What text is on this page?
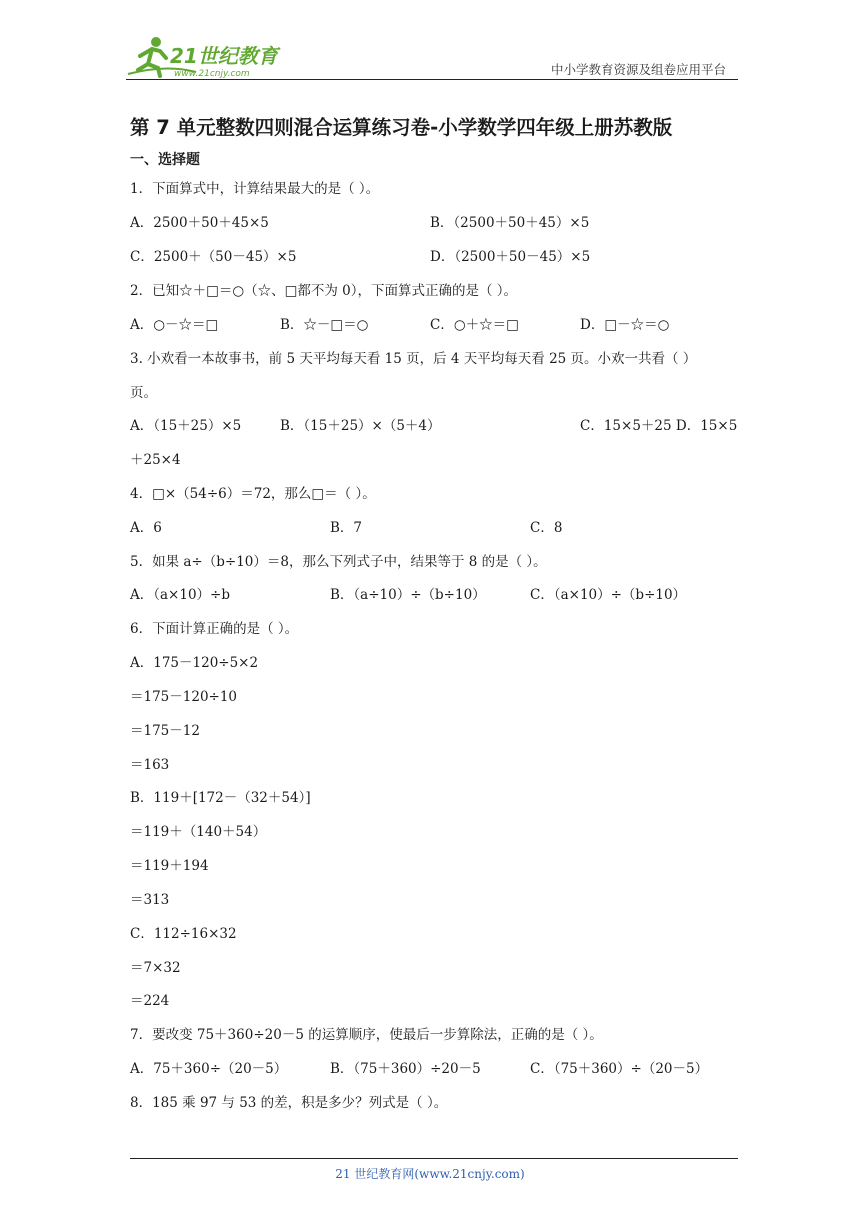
21世纪教育
www.21cnjy.com	中小学教育资源及组卷应用平台
第 7 单元整数四则混合运算练习卷-小学数学四年级上册苏教版
一、选择题
1．下面算式中，计算结果最大的是（ ）。
A．2500＋50＋45×5	B．（2500＋50＋45）×5
C．2500＋（50－45）×5	D．（2500＋50－45）×5
2．已知☆＋□＝○（☆、□都不为 0），下面算式正确的是（ ）。
A．○－☆＝□	B．☆－□＝○	C．○＋☆＝□	D．□－☆＝○
3. 小欢看一本故事书，前 5 天平均每天看 15 页，后 4 天平均每天看 25 页。小欢一共看（ ）
页。
A．（15＋25）×5	B．（15＋25）×（5＋4）	C．15×5＋25 D．15×5
＋25×4
4．□×（54÷6）＝72，那么□＝（ ）。
A．6	B．7	C．8
5．如果 a÷（b÷10）＝8，那么下列式子中，结果等于 8 的是（ ）。
A．（a×10）÷b	B．（a÷10）÷（b÷10）	C．（a×10）÷（b÷10）
6．下面计算正确的是（ ）。
A．175－120÷5×2
＝175－120÷10
＝175－12
＝163
B．119＋[172－（32＋54）]
＝119＋（140＋54）
＝119＋194
＝313
C．112÷16×32
＝7×32
＝224
7．要改变 75＋360÷20－5 的运算顺序，使最后一步算除法，正确的是（ ）。
A．75＋360÷（20－5）	B．（75＋360）÷20－5	C．（75＋360）÷（20－5）
8．185 乘 97 与 53 的差，积是多少？列式是（ ）。
21 世纪教育网(www.21cnjy.com)
